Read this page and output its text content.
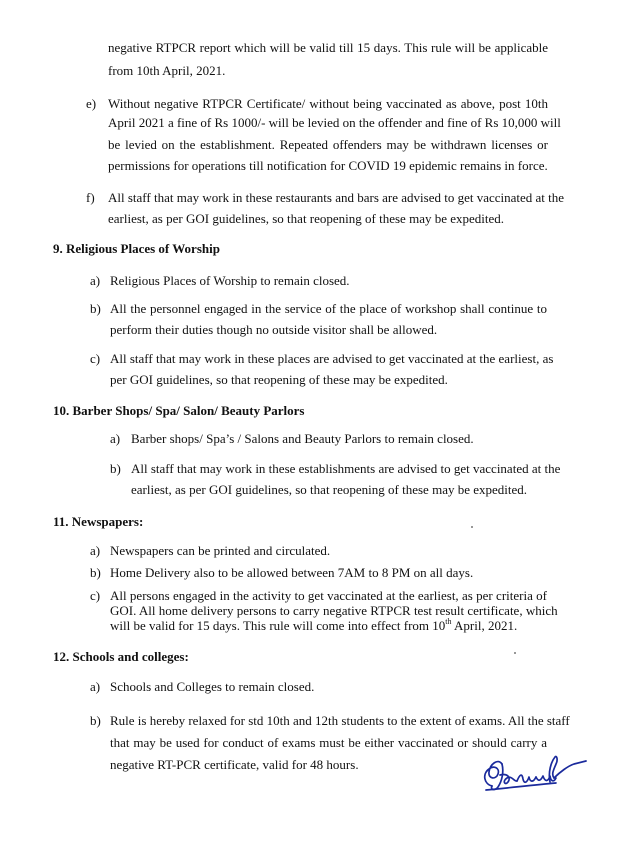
negative RTPCR report which will be valid till 15 days. This rule will be applicable
from 10th April, 2021.
e) Without negative RTPCR Certificate/ without being vaccinated as above, post 10th
April 2021 a fine of Rs 1000/- will be levied on the offender and fine of Rs 10,000 will
be levied on the establishment. Repeated offenders may be withdrawn licenses or
permissions for operations till notification for COVID 19 epidemic remains in force.
f) All staff that may work in these restaurants and bars are advised to get vaccinated at the
earliest, as per GOI guidelines, so that reopening of these may be expedited.
9. Religious Places of Worship
a) Religious Places of Worship to remain closed.
b) All the personnel engaged in the service of the place of workshop shall continue to
perform their duties though no outside visitor shall be allowed.
c) All staff that may work in these places are advised to get vaccinated at the earliest, as
per GOI guidelines, so that reopening of these may be expedited.
10. Barber Shops/ Spa/ Salon/ Beauty Parlors
a) Barber shops/ Spa’s / Salons and Beauty Parlors to remain closed.
b) All staff that may work in these establishments are advised to get vaccinated at the
earliest, as per GOI guidelines, so that reopening of these may be expedited.
11. Newspapers:
a) Newspapers can be printed and circulated.
b) Home Delivery also to be allowed between 7AM to 8 PM on all days.
c) All persons engaged in the activity to get vaccinated at the earliest, as per criteria of
GOI. All home delivery persons to carry negative RTPCR test result certificate, which
will be valid for 15 days. This rule will come into effect from 10th April, 2021.
12. Schools and colleges:
a) Schools and Colleges to remain closed.
b) Rule is hereby relaxed for std 10th and 12th students to the extent of exams. All the staff
that may be used for conduct of exams must be either vaccinated or should carry a
negative RT-PCR certificate, valid for 48 hours.
